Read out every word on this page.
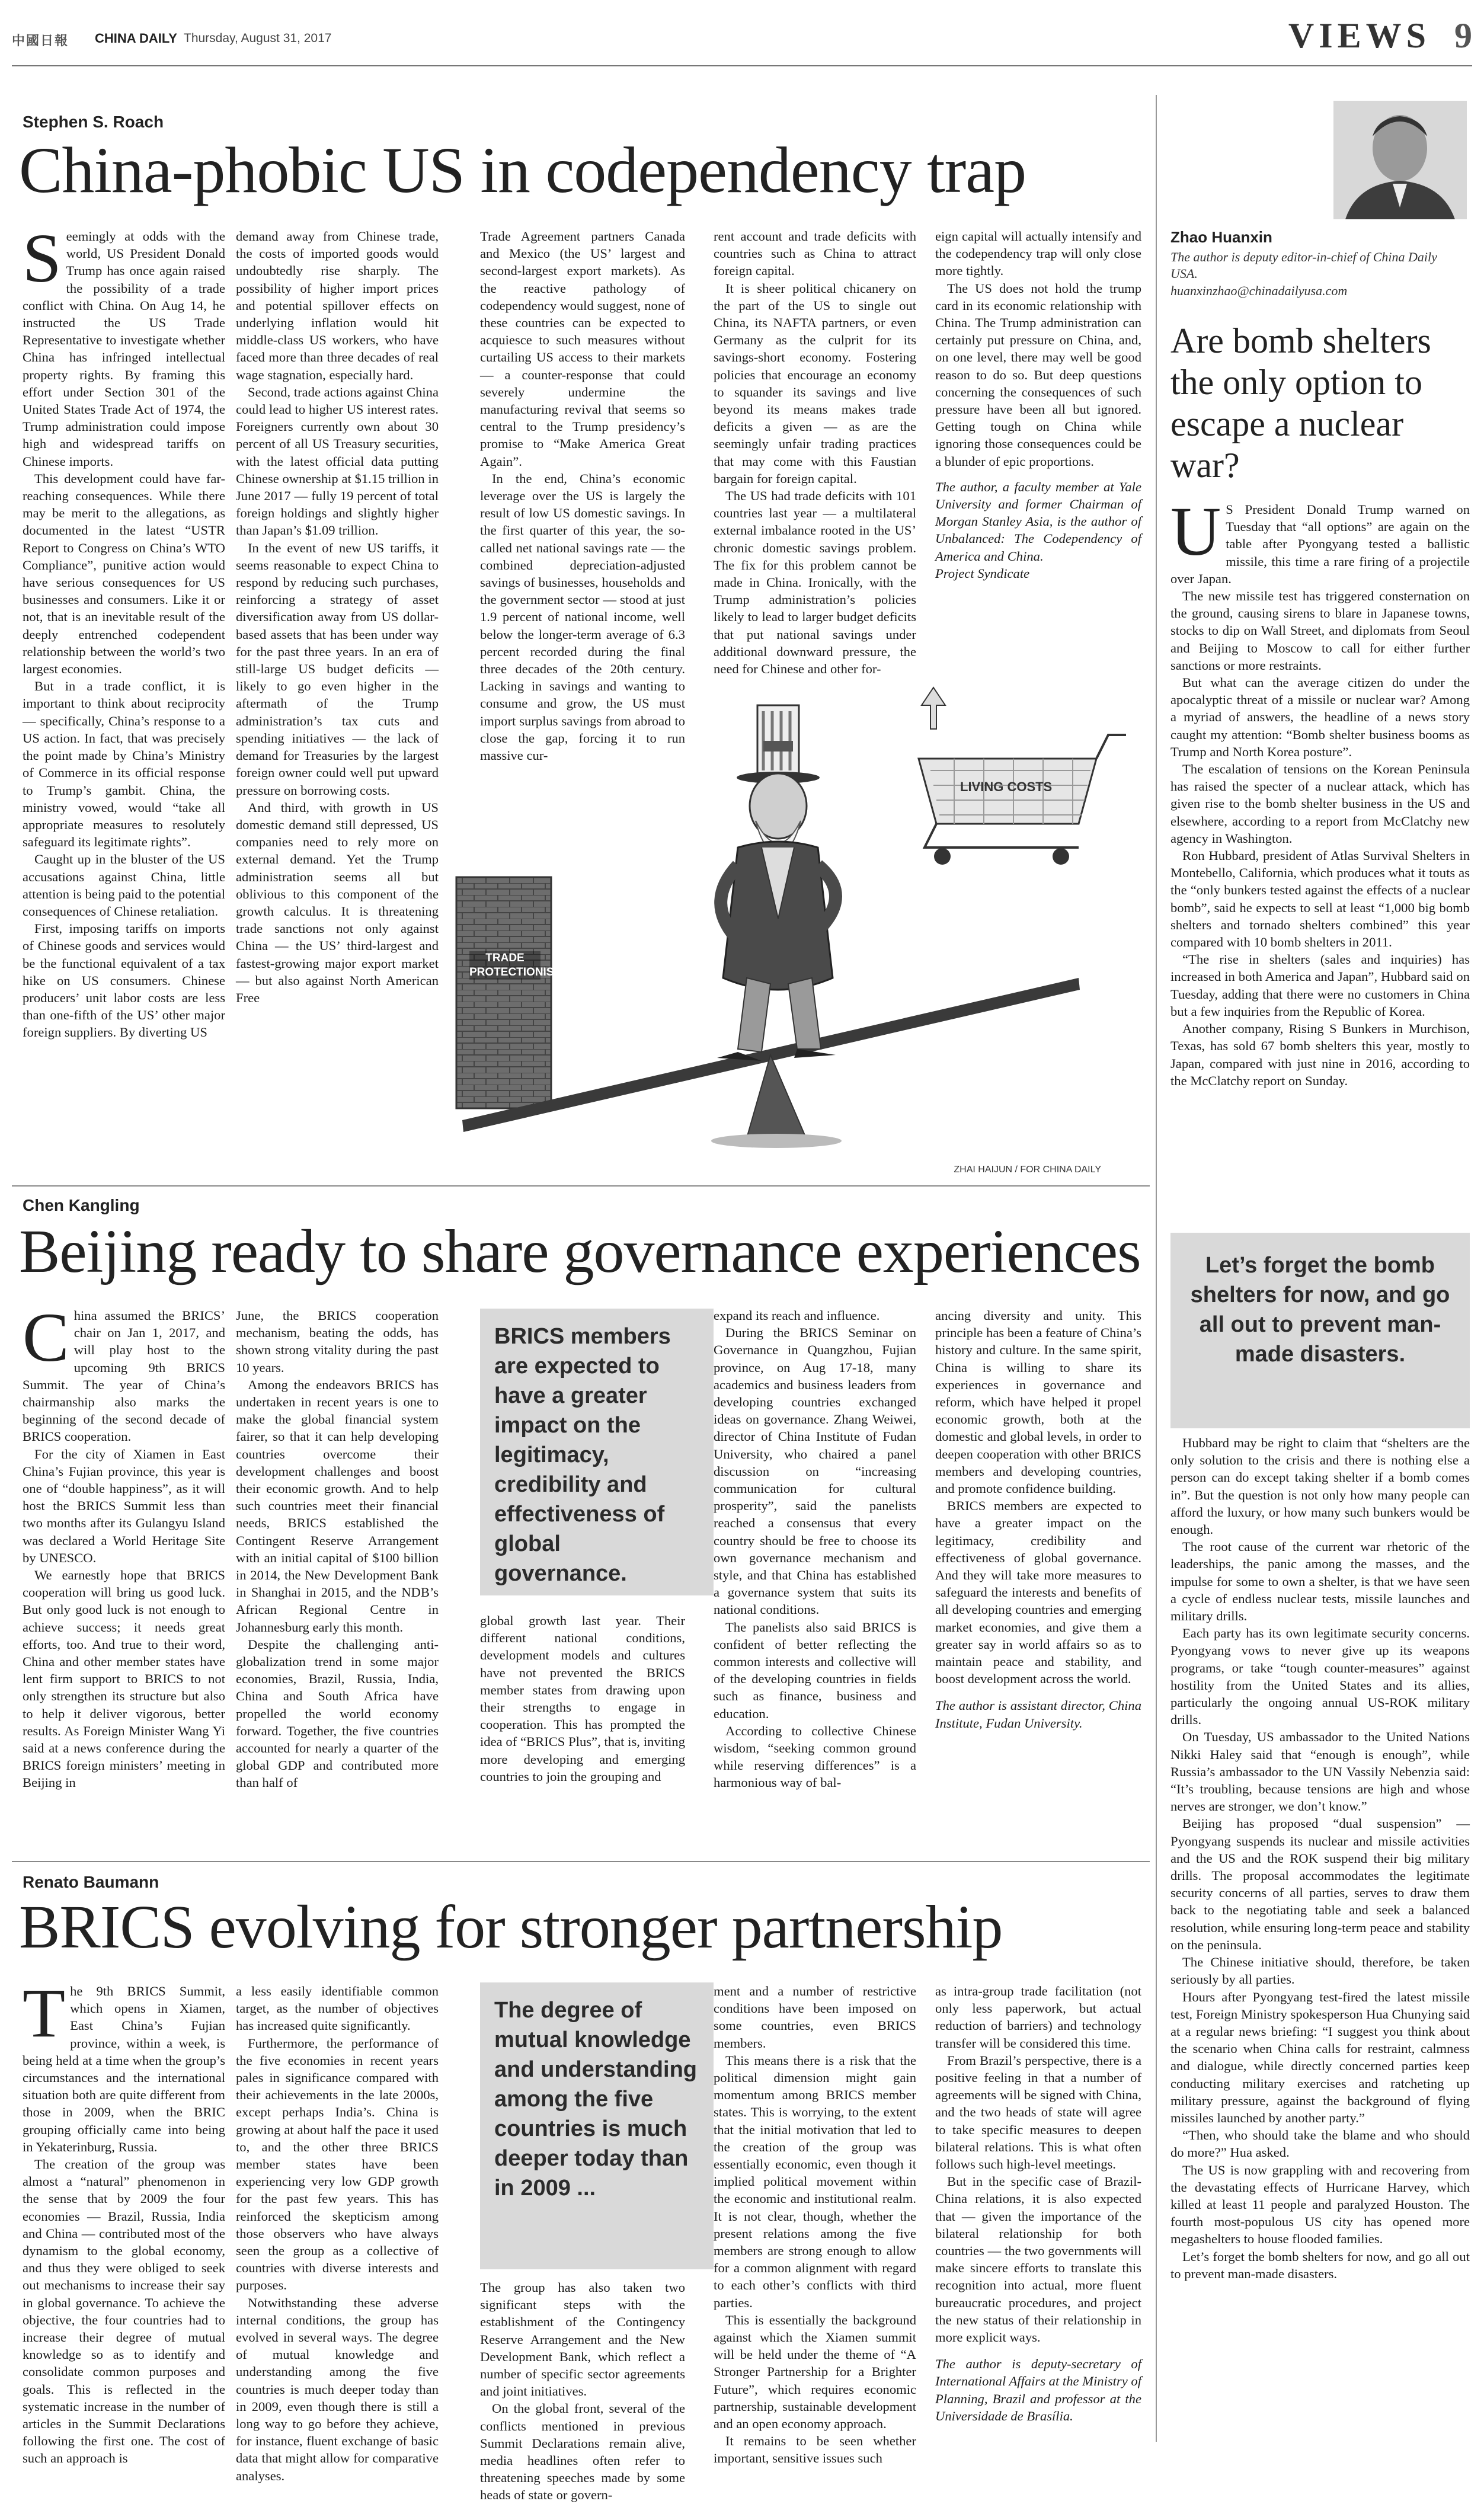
中國日報 CHINA DAILY Thursday, August 31, 2017	VIEWS 9
Stephen S. Roach
China-phobic US in codependency trap
S eemingly at odds with the world, US President Donald Trump has once again raised the possibility of a trade conflict with China. On Aug 14, he instructed the US Trade Representative to investigate whether China has infringed intellectual property rights. By framing this effort under Section 301 of the United States Trade Act of 1974, the Trump administration could impose high and widespread tariffs on Chinese imports.

This development could have far-reaching consequences. While there may be merit to the allegations, as documented in the latest “USTR Report to Congress on China’s WTO Compliance”, punitive action would have serious consequences for US businesses and consumers. Like it or not, that is an inevitable result of the deeply entrenched codependent relationship between the world’s two largest economies.

But in a trade conflict, it is important to think about reciprocity — specifically, China’s response to a US action. In fact, that was precisely the point made by China’s Ministry of Commerce in its official response to Trump’s gambit. China, the ministry vowed, would “take all appropriate measures to resolutely safeguard its legitimate rights”.

Caught up in the bluster of the US accusations against China, little attention is being paid to the potential consequences of Chinese retaliation.

First, imposing tariffs on imports of Chinese goods and services would be the functional equivalent of a tax hike on US consumers. Chinese producers’ unit labor costs are less than one-fifth of the US’ other major foreign suppliers. By diverting US

demand away from Chinese trade, the costs of imported goods would undoubtedly rise sharply. The possibility of higher import prices and potential spillover effects on underlying inflation would hit middle-class US workers, who have faced more than three decades of real wage stagnation, especially hard.

Second, trade actions against China could lead to higher US interest rates. Foreigners currently own about 30 percent of all US Treasury securities, with the latest official data putting Chinese ownership at $1.15 trillion in June 2017 — fully 19 percent of total foreign holdings and slightly higher than Japan’s $1.09 trillion.

In the event of new US tariffs, it seems reasonable to expect China to respond by reducing such purchases, reinforcing a strategy of asset diversification away from US dollar-based assets that has been under way for the past three years. In an era of still-large US budget deficits — likely to go even higher in the aftermath of the Trump administration’s tax cuts and spending initiatives — the lack of demand for Treasuries by the largest foreign owner could well put upward pressure on borrowing costs.

And third, with growth in US domestic demand still depressed, US companies need to rely more on external demand. Yet the Trump administration seems all but oblivious to this component of the growth calculus. It is threatening trade sanctions not only against China — the US’ third-largest and fastest-growing major export market — but also against North American Free

Trade Agreement partners Canada and Mexico (the US’ largest and second-largest export markets). As the reactive pathology of codependency would suggest, none of these countries can be expected to acquiesce to such measures without curtailing US access to their markets — a counter-response that could severely undermine the manufacturing revival that seems so central to the Trump presidency’s promise to “Make America Great Again”.

In the end, China’s economic leverage over the US is largely the result of low US domestic savings. In the first quarter of this year, the so-called net national savings rate — the combined depreciation-adjusted savings of businesses, households and the government sector — stood at just 1.9 percent of national income, well below the longer-term average of 6.3 percent recorded during the final three decades of the 20th century. Lacking in savings and wanting to consume and grow, the US must import surplus savings from abroad to close the gap, forcing it to run massive cur-

rent account and trade deficits with countries such as China to attract foreign capital.

It is sheer political chicanery on the part of the US to single out China, its NAFTA partners, or even Germany as the culprit for its savings-short economy. Fostering policies that encourage an economy to squander its savings and live beyond its means makes trade deficits a given — as are the seemingly unfair trading practices that may come with this Faustian bargain for foreign capital.

The US had trade deficits with 101 countries last year — a multilateral external imbalance rooted in the US’ chronic domestic savings problem. The fix for this problem cannot be made in China. Ironically, with the Trump administration’s policies likely to lead to larger budget deficits that put national savings under additional downward pressure, the need for Chinese and other for-

eign capital will actually intensify and the codependency trap will only close more tightly.

The US does not hold the trump card in its economic relationship with China. The Trump administration can certainly put pressure on China, and, on one level, there may well be good reason to do so. But deep questions concerning the consequences of such pressure have been all but ignored. Getting tough on China while ignoring those consequences could be a blunder of epic proportions.

The author, a faculty member at Yale University and former Chairman of Morgan Stanley Asia, is the author of Unbalanced: The Codependency of America and China.

Project Syndicate

ZHAI HAIJUN / FOR CHINA DAILY
TRADE PROTECTIONISM
LIVING COSTS
Chen Kangling
Beijing ready to share governance experiences
C hina assumed the BRICS’ chair on Jan 1, 2017, and will play host to the upcoming 9th BRICS Summit. The year of China’s chairmanship also marks the beginning of the second decade of BRICS cooperation.

For the city of Xiamen in East China’s Fujian province, this year is one of “double happiness”, as it will host the BRICS Summit less than two months after its Gulangyu Island was declared a World Heritage Site by UNESCO.

We earnestly hope that BRICS cooperation will bring us good luck. But only good luck is not enough to achieve success; it needs great efforts, too. And true to their word, China and other member states have lent firm support to BRICS to not only strengthen its structure but also to help it deliver vigorous, better results. As Foreign Minister Wang Yi said at a news conference during the BRICS foreign ministers’ meeting in Beijing in

June, the BRICS cooperation mechanism, beating the odds, has shown strong vitality during the past 10 years.

Among the endeavors BRICS has undertaken in recent years is one to make the global financial system fairer, so that it can help developing countries overcome their development challenges and boost their economic growth. And to help such countries meet their financial needs, BRICS established the Contingent Reserve Arrangement with an initial capital of $100 billion in 2014, the New Development Bank in Shanghai in 2015, and the NDB’s African Regional Centre in Johannesburg early this month.

Despite the challenging anti-globalization trend in some major economies, Brazil, Russia, India, China and South Africa have propelled the world economy forward. Together, the five countries accounted for nearly a quarter of the global GDP and contributed more than half of

BRICS members are expected to have a greater impact on the legitimacy, credibility and effectiveness of global governance.

global growth last year. Their different national conditions, development models and cultures have not prevented the BRICS member states from drawing upon their strengths to engage in cooperation. This has prompted the idea of “BRICS Plus”, that is, inviting more developing and emerging countries to join the grouping and

expand its reach and influence.

During the BRICS Seminar on Governance in Quangzhou, Fujian province, on Aug 17-18, many academics and business leaders from developing countries exchanged ideas on governance. Zhang Weiwei, director of China Institute of Fudan University, who chaired a panel discussion on “increasing communication for cultural prosperity”, said the panelists reached a consensus that every country should be free to choose its own governance mechanism and style, and that China has established a governance system that suits its national conditions.

The panelists also said BRICS is confident of better reflecting the common interests and collective will of the developing countries in fields such as finance, business and education.

According to collective Chinese wisdom, “seeking common ground while reserving differences” is a harmonious way of bal-

ancing diversity and unity. This principle has been a feature of China’s history and culture. In the same spirit, China is willing to share its experiences in governance and reform, which have helped it propel economic growth, both at the domestic and global levels, in order to deepen cooperation with other BRICS members and developing countries, and promote confidence building.

BRICS members are expected to have a greater impact on the legitimacy, credibility and effectiveness of global governance. And they will take more measures to safeguard the interests and benefits of all developing countries and emerging market economies, and give them a greater say in world affairs so as to maintain peace and stability, and boost development across the world.

The author is assistant director, China Institute, Fudan University.

Renato Baumann
BRICS evolving for stronger partnership
T he 9th BRICS Summit, which opens in Xiamen, East China’s Fujian province, within a week, is being held at a time when the group’s circumstances and the international situation both are quite different from those in 2009, when the BRIC grouping officially came into being in Yekaterinburg, Russia.

The creation of the group was almost a “natural” phenomenon in the sense that by 2009 the four economies — Brazil, Russia, India and China — contributed most of the dynamism to the global economy, and thus they were obliged to seek out mechanisms to increase their say in global governance. To achieve the objective, the four countries had to increase their degree of mutual knowledge so as to identify and consolidate common purposes and goals. This is reflected in the systematic increase in the number of articles in the Summit Declarations following the first one. The cost of such an approach is

a less easily identifiable common target, as the number of objectives has increased quite significantly.

Furthermore, the performance of the five economies in recent years pales in significance compared with their achievements in the late 2000s, except perhaps India’s. China is growing at about half the pace it used to, and the other three BRICS member states have been experiencing very low GDP growth for the past few years. This has reinforced the skepticism among those observers who have always seen the group as a collective of countries with diverse interests and purposes.

Notwithstanding these adverse internal conditions, the group has evolved in several ways. The degree of mutual knowledge and understanding among the five countries is much deeper today than in 2009, even though there is still a long way to go before they achieve, for instance, fluent exchange of basic data that might allow for comparative analyses.

The degree of mutual knowledge and understanding among the five countries is much deeper today than in 2009 ...

The group has also taken two significant steps with the establishment of the Contingency Reserve Arrangement and the New Development Bank, which reflect a number of specific sector agreements and joint initiatives.

On the global front, several of the conflicts mentioned in previous Summit Declarations remain alive, media headlines often refer to threatening speeches made by some heads of state or govern-

ment and a number of restrictive conditions have been imposed on some countries, even BRICS members.

This means there is a risk that the political dimension might gain momentum among BRICS member states. This is worrying, to the extent that the initial motivation that led to the creation of the group was essentially economic, even though it implied political movement within the economic and institutional realm. It is not clear, though, whether the present relations among the five members are strong enough to allow for a common alignment with regard to each other’s conflicts with third parties.

This is essentially the background against which the Xiamen summit will be held under the theme of “A Stronger Partnership for a Brighter Future”, which requires economic partnership, sustainable development and an open economy approach.

It remains to be seen whether important, sensitive issues such

as intra-group trade facilitation (not only less paperwork, but actual reduction of barriers) and technology transfer will be considered this time.

From Brazil’s perspective, there is a positive feeling in that a number of agreements will be signed with China, and the two heads of state will agree to take specific measures to deepen bilateral relations. This is what often follows such high-level meetings.

But in the specific case of Brazil-China relations, it is also expected that — given the importance of the bilateral relationship for both countries — the two governments will make sincere efforts to translate this recognition into actual, more fluent bureaucratic procedures, and project the new status of their relationship in more explicit ways.

The author is deputy-secretary of International Affairs at the Ministry of Planning, Brazil and professor at the Universidade de Brasília.

Zhao Huanxin
The author is deputy editor-in-chief of China Daily USA.
huanxinzhao@chinadailyusa.com
Are bomb shelters the only option to escape a nuclear war?
U S President Donald Trump warned on Tuesday that “all options” are again on the table after Pyongyang tested a ballistic missile, this time a rare firing of a projectile over Japan.

The new missile test has triggered consternation on the ground, causing sirens to blare in Japanese towns, stocks to dip on Wall Street, and diplomats from Seoul and Beijing to Moscow to call for either further sanctions or more restraints.

But what can the average citizen do under the apocalyptic threat of a missile or nuclear war? Among a myriad of answers, the headline of a news story caught my attention: “Bomb shelter business booms as Trump and North Korea posture”.

The escalation of tensions on the Korean Peninsula has raised the specter of a nuclear attack, which has given rise to the bomb shelter business in the US and elsewhere, according to a report from McClatchy new agency in Washington.

Ron Hubbard, president of Atlas Survival Shelters in Montebello, California, which produces what it touts as the “only bunkers tested against the effects of a nuclear bomb”, said he expects to sell at least “1,000 big bomb shelters and tornado shelters combined” this year compared with 10 bomb shelters in 2011.

“The rise in shelters (sales and inquiries) has increased in both America and Japan”, Hubbard said on Tuesday, adding that there were no customers in China but a few inquiries from the Republic of Korea.

Another company, Rising S Bunkers in Murchison, Texas, has sold 67 bomb shelters this year, mostly to Japan, compared with just nine in 2016, according to the McClatchy report on Sunday.

Let’s forget the bomb shelters for now, and go all out to prevent man-made disasters.

Hubbard may be right to claim that “shelters are the only solution to the crisis and there is nothing else a person can do except taking shelter if a bomb comes in”. But the question is not only how many people can afford the luxury, or how many such bunkers would be enough.

The root cause of the current war rhetoric of the leaderships, the panic among the masses, and the impulse for some to own a shelter, is that we have seen a cycle of endless nuclear tests, missile launches and military drills.

Each party has its own legitimate security concerns. Pyongyang vows to never give up its weapons programs, or take “tough counter-measures” against hostility from the United States and its allies, particularly the ongoing annual US-ROK military drills.

On Tuesday, US ambassador to the United Nations Nikki Haley said that “enough is enough”, while Russia’s ambassador to the UN Vassily Nebenzia said: “It’s troubling, because tensions are high and whose nerves are stronger, we don’t know.”

Beijing has proposed “dual suspension” — Pyongyang suspends its nuclear and missile activities and the US and the ROK suspend their big military drills. The proposal accommodates the legitimate security concerns of all parties, serves to draw them back to the negotiating table and seek a balanced resolution, while ensuring long-term peace and stability on the peninsula.

The Chinese initiative should, therefore, be taken seriously by all parties.

Hours after Pyongyang test-fired the latest missile test, Foreign Ministry spokesperson Hua Chunying said at a regular news briefing: “I suggest you think about the scenario when China calls for restraint, calmness and dialogue, while directly concerned parties keep conducting military exercises and ratcheting up military pressure, against the background of flying missiles launched by another party.”

“Then, who should take the blame and who should do more?” Hua asked.

The US is now grappling with and recovering from the devastating effects of Hurricane Harvey, which killed at least 11 people and paralyzed Houston. The fourth most-populous US city has opened more megashelters to house flooded families.

Let’s forget the bomb shelters for now, and go all out to prevent man-made disasters.
